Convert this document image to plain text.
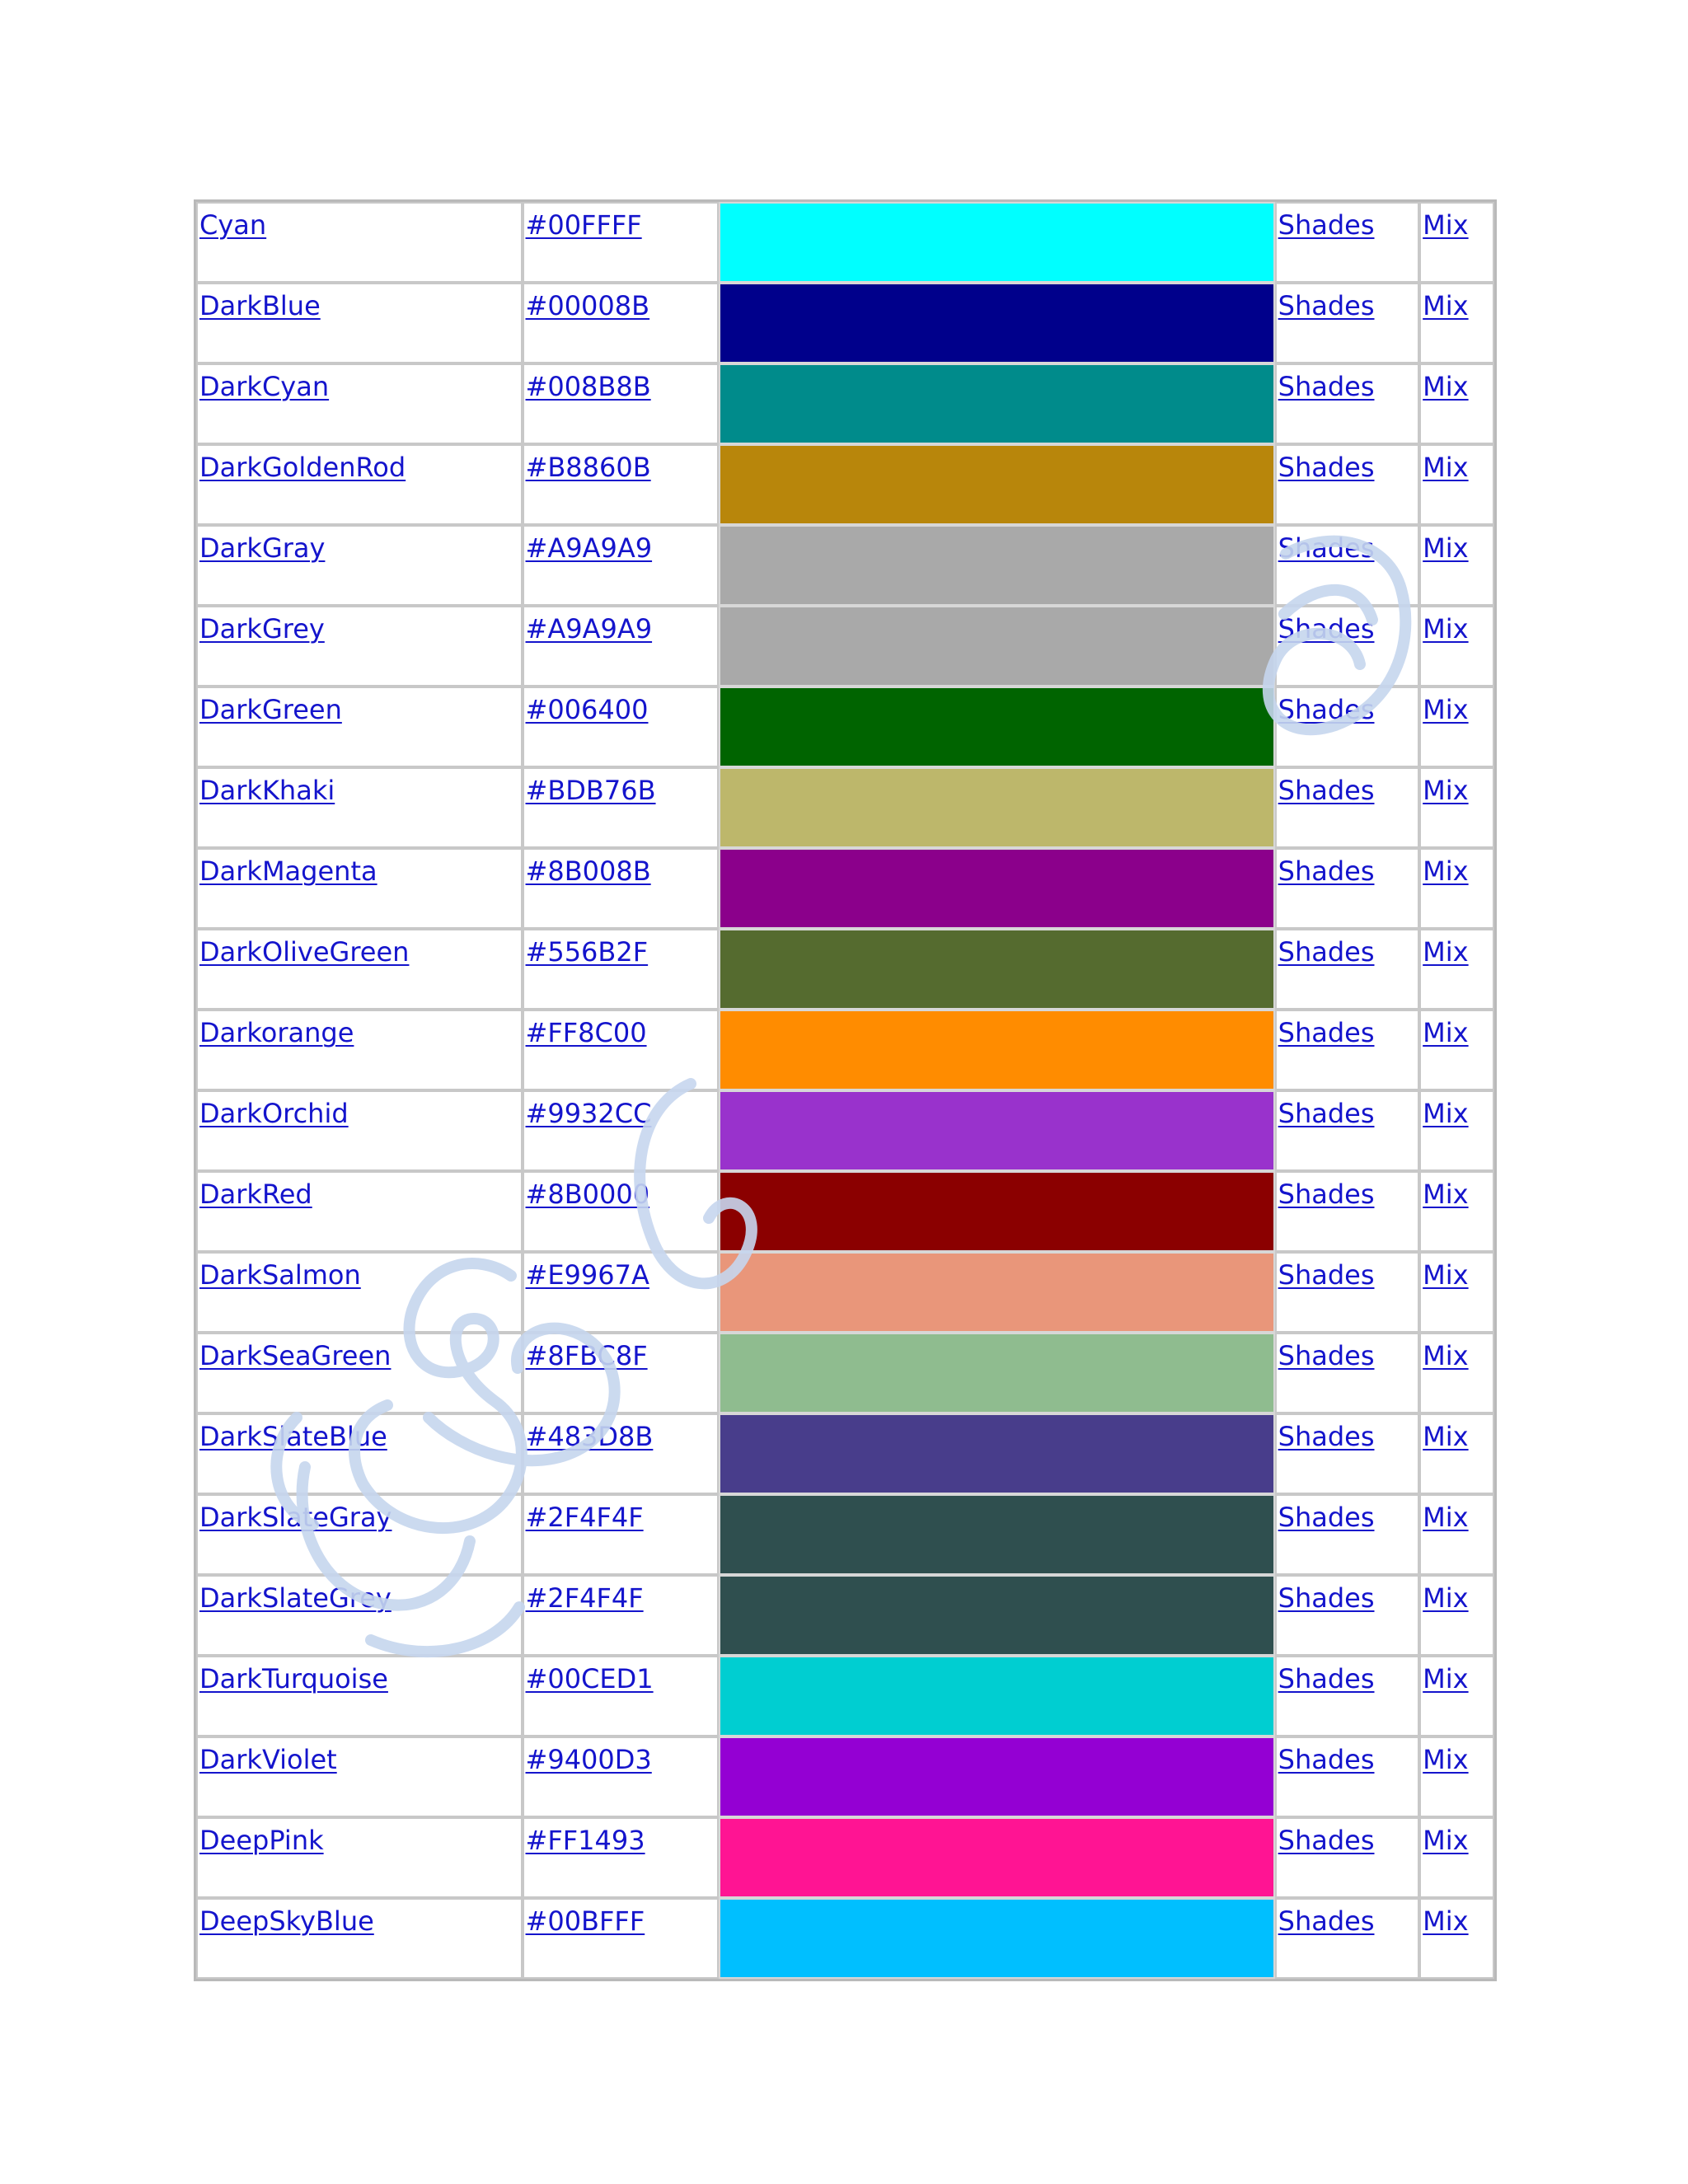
Cyan	#00FFFF		Shades	Mix
DarkBlue	#00008B		Shades	Mix
DarkCyan	#008B8B		Shades	Mix
DarkGoldenRod	#B8860B		Shades	Mix
DarkGray	#A9A9A9		Shades	Mix
DarkGrey	#A9A9A9		Shades	Mix
DarkGreen	#006400		Shades	Mix
DarkKhaki	#BDB76B		Shades	Mix
DarkMagenta	#8B008B		Shades	Mix
DarkOliveGreen	#556B2F		Shades	Mix
Darkorange	#FF8C00		Shades	Mix
DarkOrchid	#9932CC		Shades	Mix
DarkRed	#8B0000		Shades	Mix
DarkSalmon	#E9967A		Shades	Mix
DarkSeaGreen	#8FBC8F		Shades	Mix
DarkSlateBlue	#483D8B		Shades	Mix
DarkSlateGray	#2F4F4F		Shades	Mix
DarkSlateGrey	#2F4F4F		Shades	Mix
DarkTurquoise	#00CED1		Shades	Mix
DarkViolet	#9400D3		Shades	Mix
DeepPink	#FF1493		Shades	Mix
DeepSkyBlue	#00BFFF		Shades	Mix
